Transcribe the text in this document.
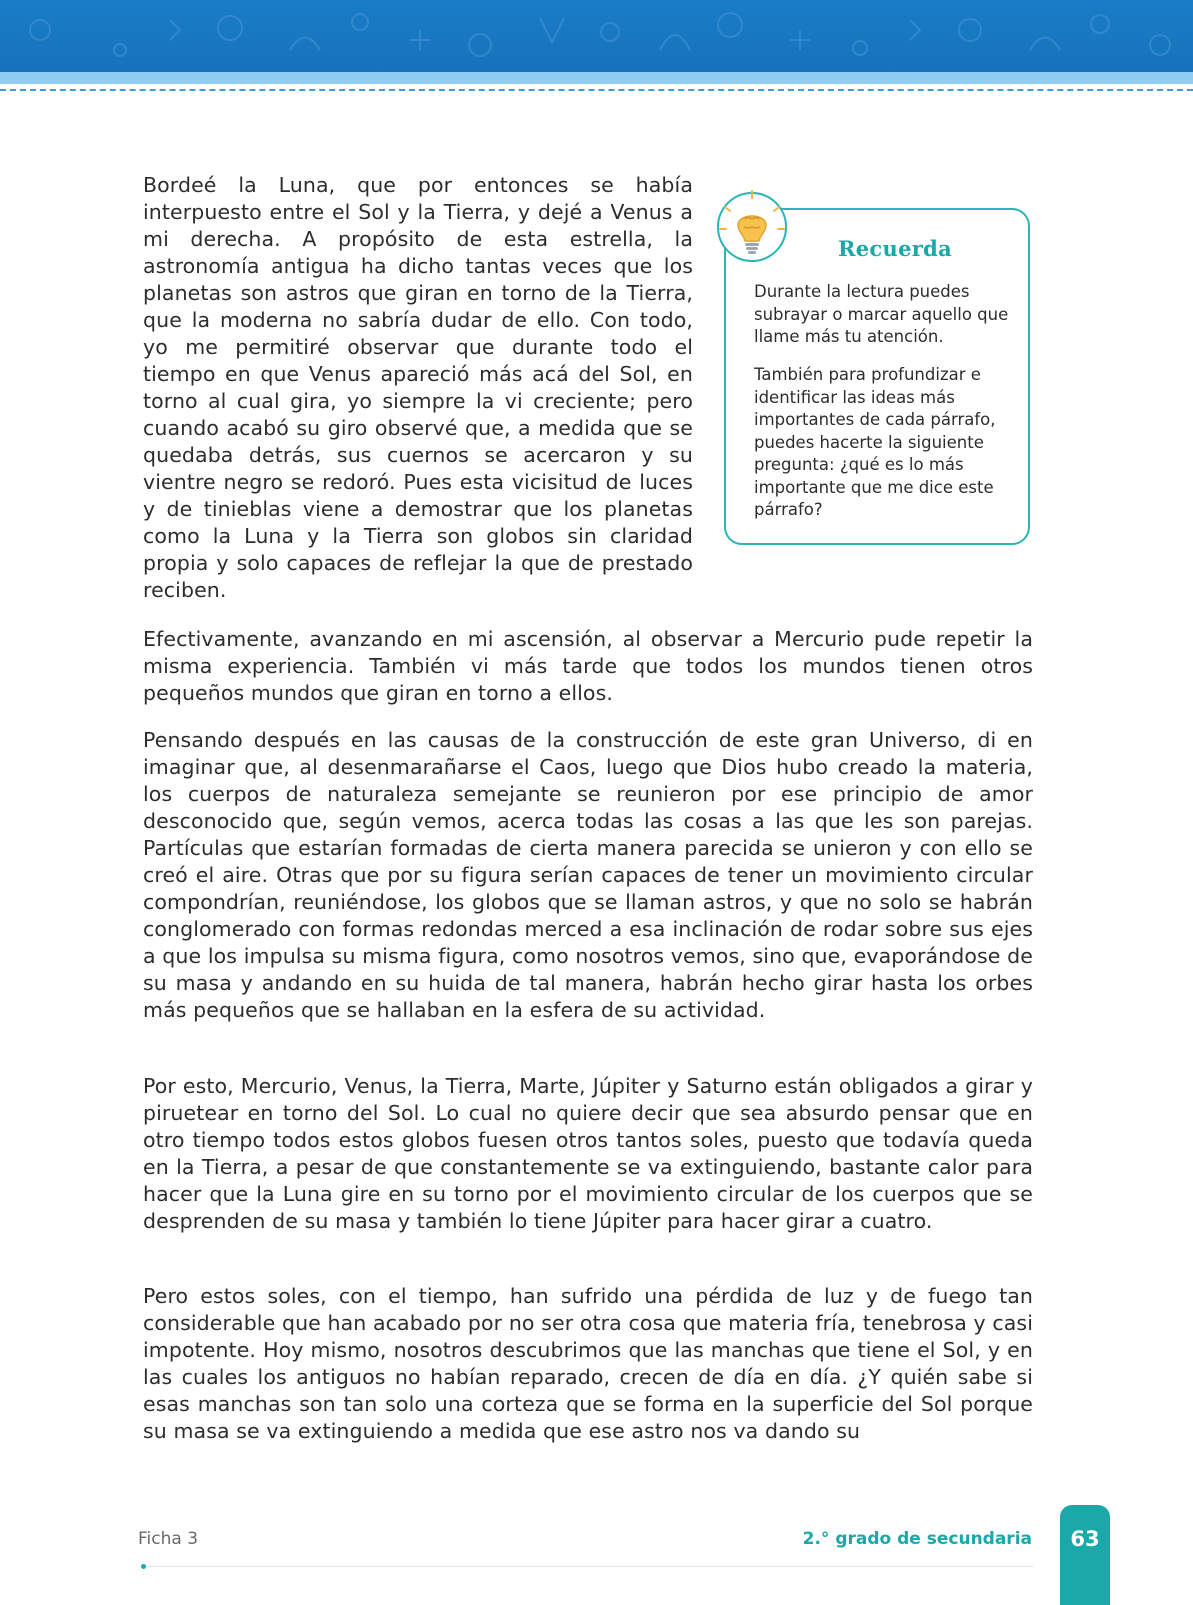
Bordeé la Luna, que por entonces se había interpuesto entre el Sol y la Tierra, y dejé a Venus a mi derecha. A propósito de esta estrella, la astronomía antigua ha dicho tantas veces que los planetas son astros que giran en torno de la Tierra, que la moderna no sabría dudar de ello. Con todo, yo me permitiré observar que durante todo el tiempo en que Venus apareció más acá del Sol, en torno al cual gira, yo siempre la vi creciente; pero cuando acabó su giro observé que, a medida que se quedaba detrás, sus cuernos se acercaron y su vientre negro se redoró. Pues esta vicisitud de luces y de tinieblas viene a demostrar que los planetas como la Luna y la Tierra son globos sin claridad propia y solo capaces de reflejar la que de prestado reciben.

Recuerda

Durante la lectura puedes subrayar o marcar aquello que llame más tu atención.

También para profundizar e identificar las ideas más importantes de cada párrafo, puedes hacerte la siguiente pregunta: ¿qué es lo más importante que me dice este párrafo?

Efectivamente, avanzando en mi ascensión, al observar a Mercurio pude repetir la misma experiencia. También vi más tarde que todos los mundos tienen otros pequeños mundos que giran en torno a ellos.

Pensando después en las causas de la construcción de este gran Universo, di en imaginar que, al desenmarañarse el Caos, luego que Dios hubo creado la materia, los cuerpos de naturaleza semejante se reunieron por ese principio de amor desconocido que, según vemos, acerca todas las cosas a las que les son parejas. Partículas que estarían formadas de cierta manera parecida se unieron y con ello se creó el aire. Otras que por su figura serían capaces de tener un movimiento circular compondrían, reuniéndose, los globos que se llaman astros, y que no solo se habrán conglomerado con formas redondas merced a esa inclinación de rodar sobre sus ejes a que los impulsa su misma figura, como nosotros vemos, sino que, evaporándose de su masa y andando en su huida de tal manera, habrán hecho girar hasta los orbes más pequeños que se hallaban en la esfera de su actividad.

Por esto, Mercurio, Venus, la Tierra, Marte, Júpiter y Saturno están obligados a girar y piruetear en torno del Sol. Lo cual no quiere decir que sea absurdo pensar que en otro tiempo todos estos globos fuesen otros tantos soles, puesto que todavía queda en la Tierra, a pesar de que constantemente se va extinguiendo, bastante calor para hacer que la Luna gire en su torno por el movimiento circular de los cuerpos que se desprenden de su masa y también lo tiene Júpiter para hacer girar a cuatro.

Pero estos soles, con el tiempo, han sufrido una pérdida de luz y de fuego tan considerable que han acabado por no ser otra cosa que materia fría, tenebrosa y casi impotente. Hoy mismo, nosotros descubrimos que las manchas que tiene el Sol, y en las cuales los antiguos no habían reparado, crecen de día en día. ¿Y quién sabe si esas manchas son tan solo una corteza que se forma en la superficie del Sol porque su masa se va extinguiendo a medida que ese astro nos va dando su

Ficha 3	2.° grado de secundaria	63
